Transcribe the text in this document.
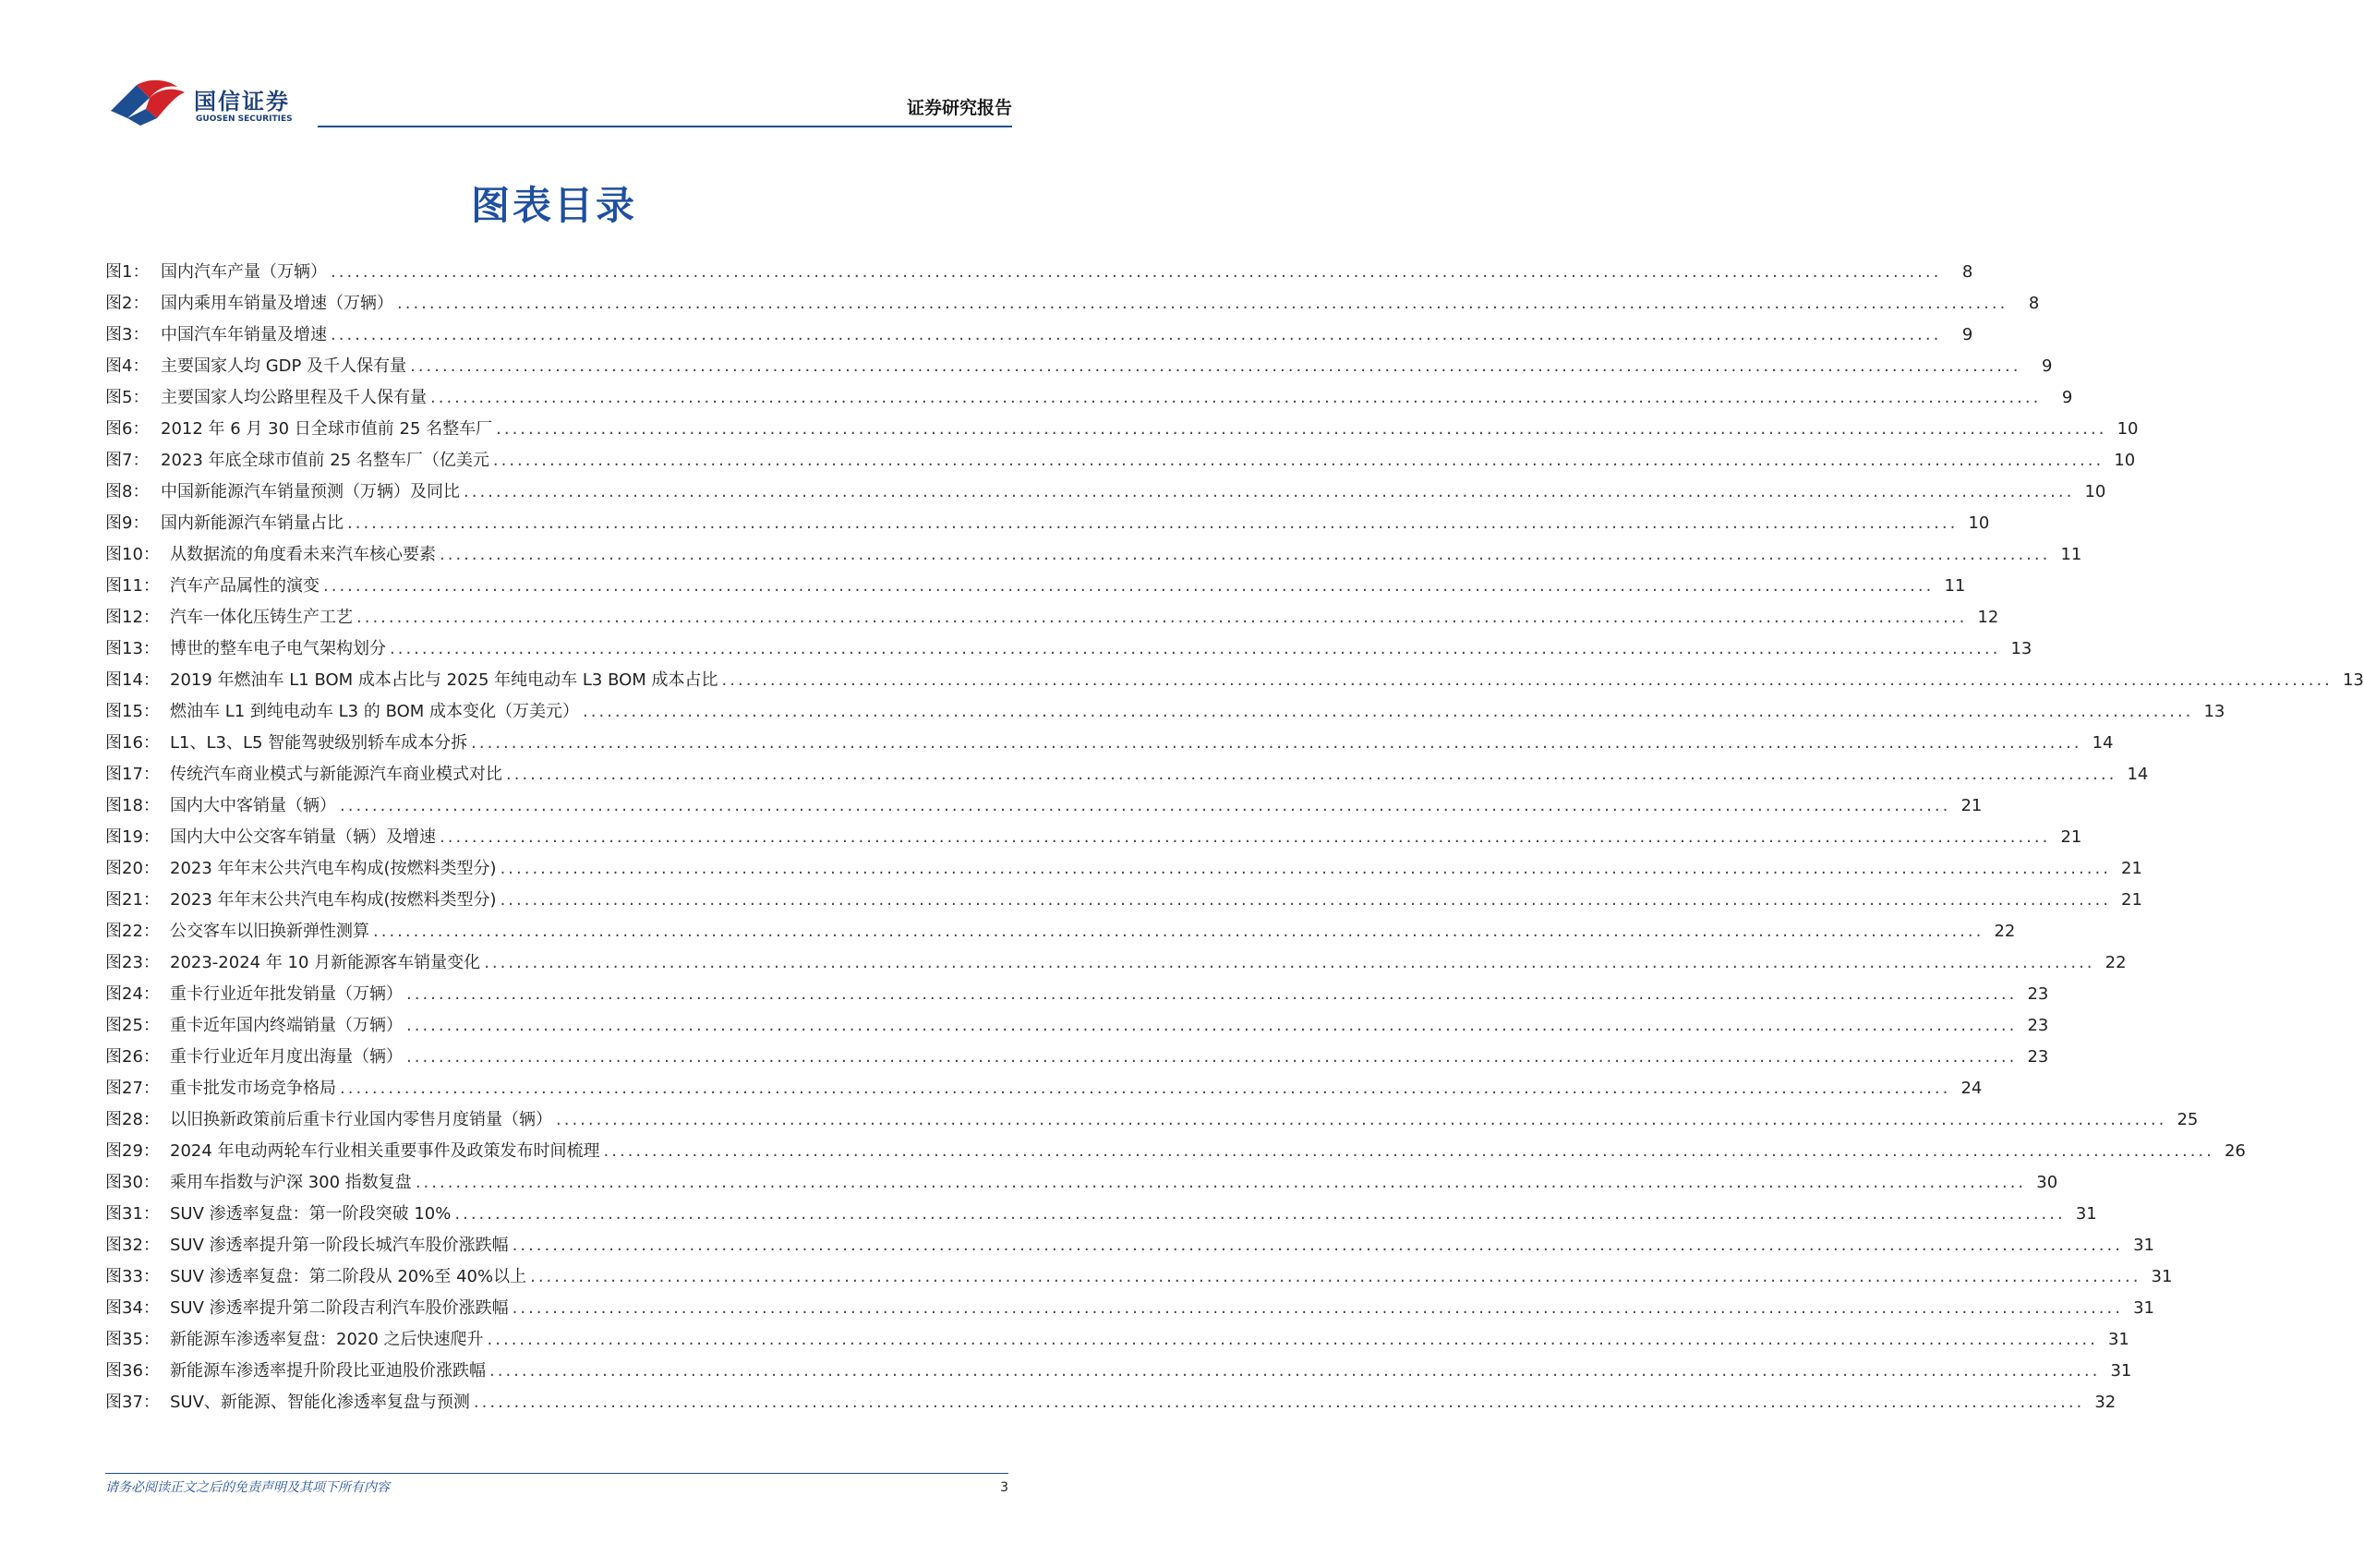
国信证券
GUOSEN SECURITIES
证券研究报告
图表目录
图1： 国内汽车产量（万辆） ........................................................................................................................................................................................................	8
图2： 国内乘用车销量及增速（万辆） ........................................................................................................................................................................................................	8
图3： 中国汽车年销量及增速 ........................................................................................................................................................................................................	9
图4： 主要国家人均 GDP 及千人保有量 ........................................................................................................................................................................................................	9
图5： 主要国家人均公路里程及千人保有量 ........................................................................................................................................................................................................	9
图6： 2012 年 6 月 30 日全球市值前 25 名整车厂 ........................................................................................................................................................................................................ 10
图7： 2023 年底全球市值前 25 名整车厂（亿美元 ........................................................................................................................................................................................................ 10
图8： 中国新能源汽车销量预测（万辆）及同比 ........................................................................................................................................................................................................ 10
图9： 国内新能源汽车销量占比 ........................................................................................................................................................................................................ 10
图10： 从数据流的角度看未来汽车核心要素 ........................................................................................................................................................................................................ 11
图11： 汽车产品属性的演变 ........................................................................................................................................................................................................ 11
图12： 汽车一体化压铸生产工艺 ........................................................................................................................................................................................................ 12
图13： 博世的整车电子电气架构划分 ........................................................................................................................................................................................................ 13
图14： 2019 年燃油车 L1 BOM 成本占比与 2025 年纯电动车 L3 BOM 成本占比 ........................................................................................................................................................................................................ 13
图15： 燃油车 L1 到纯电动车 L3 的 BOM 成本变化（万美元） ........................................................................................................................................................................................................ 13
图16： L1、L3、L5 智能驾驶级别轿车成本分拆 ........................................................................................................................................................................................................ 14
图17： 传统汽车商业模式与新能源汽车商业模式对比 ........................................................................................................................................................................................................ 14
图18： 国内大中客销量（辆） ........................................................................................................................................................................................................ 21
图19： 国内大中公交客车销量（辆）及增速 ........................................................................................................................................................................................................ 21
图20： 2023 年年末公共汽电车构成(按燃料类型分) ........................................................................................................................................................................................................ 21
图21： 2023 年年末公共汽电车构成(按燃料类型分) ........................................................................................................................................................................................................ 21
图22： 公交客车以旧换新弹性测算 ........................................................................................................................................................................................................ 22
图23： 2023-2024 年 10 月新能源客车销量变化 ........................................................................................................................................................................................................ 22
图24： 重卡行业近年批发销量（万辆） ........................................................................................................................................................................................................ 23
图25： 重卡近年国内终端销量（万辆） ........................................................................................................................................................................................................ 23
图26： 重卡行业近年月度出海量（辆） ........................................................................................................................................................................................................ 23
图27： 重卡批发市场竞争格局 ........................................................................................................................................................................................................ 24
图28： 以旧换新政策前后重卡行业国内零售月度销量（辆） ........................................................................................................................................................................................................ 25
图29： 2024 年电动两轮车行业相关重要事件及政策发布时间梳理 ........................................................................................................................................................................................................ 26
图30： 乘用车指数与沪深 300 指数复盘 ........................................................................................................................................................................................................ 30
图31： SUV 渗透率复盘：第一阶段突破 10% ........................................................................................................................................................................................................ 31
图32： SUV 渗透率提升第一阶段长城汽车股价涨跌幅 ........................................................................................................................................................................................................ 31
图33： SUV 渗透率复盘：第二阶段从 20%至 40%以上 ........................................................................................................................................................................................................ 31
图34： SUV 渗透率提升第二阶段吉利汽车股价涨跌幅 ........................................................................................................................................................................................................ 31
图35： 新能源车渗透率复盘：2020 之后快速爬升 ........................................................................................................................................................................................................ 31
图36： 新能源车渗透率提升阶段比亚迪股价涨跌幅 ........................................................................................................................................................................................................ 31
图37： SUV、新能源、智能化渗透率复盘与预测 ........................................................................................................................................................................................................ 32
请务必阅读正文之后的免责声明及其项下所有内容	3
